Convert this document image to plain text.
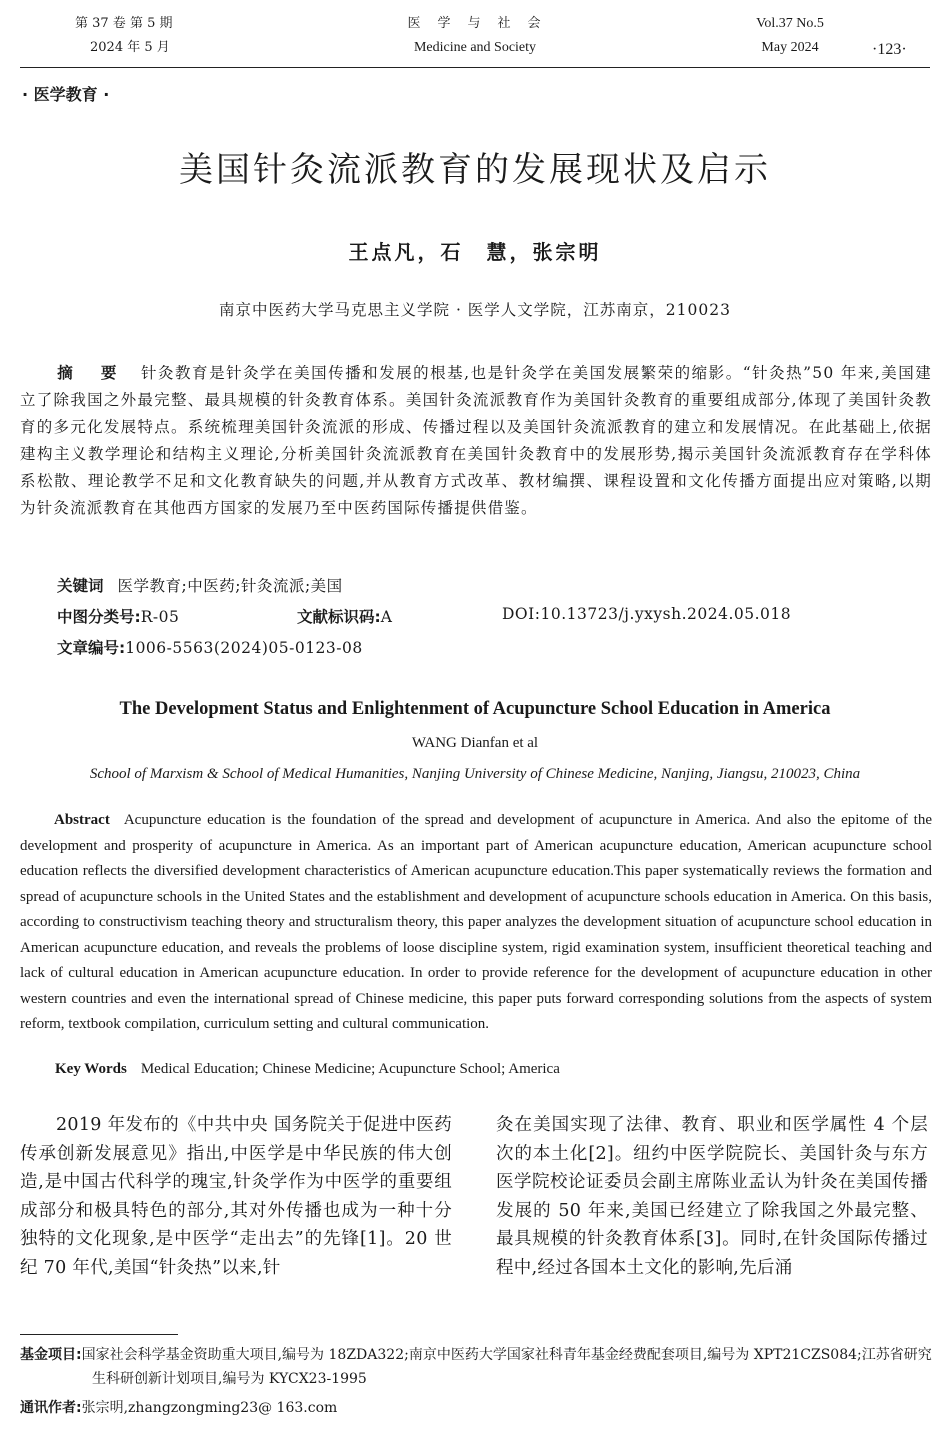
第 37 卷 第 5 期
2024 年 5 月
医　学　与　社　会
Medicine and Society
Vol.37 No.5
May 2024	·123·
· 医学教育 ·
美国针灸流派教育的发展现状及启示
王点凡，石　慧，张宗明
南京中医药大学马克思主义学院 · 医学人文学院，江苏南京，210023
摘　要 针灸教育是针灸学在美国传播和发展的根基,也是针灸学在美国发展繁荣的缩影。“针灸热”50 年来,美国建立了除我国之外最完整、最具规模的针灸教育体系。美国针灸流派教育作为美国针灸教育的重要组成部分,体现了美国针灸教育的多元化发展特点。系统梳理美国针灸流派的形成、传播过程以及美国针灸流派教育的建立和发展情况。在此基础上,依据建构主义教学理论和结构主义理论,分析美国针灸流派教育在美国针灸教育中的发展形势,揭示美国针灸流派教育存在学科体系松散、理论教学不足和文化教育缺失的问题,并从教育方式改革、教材编撰、课程设置和文化传播方面提出应对策略,以期为针灸流派教育在其他西方国家的发展乃至中医药国际传播提供借鉴。
关键词 医学教育;中医药;针灸流派;美国
中图分类号:R-05	文献标识码:A	DOI:10.13723/j.yxysh.2024.05.018
文章编号:1006-5563(2024)05-0123-08
The Development Status and Enlightenment of Acupuncture School Education in America
WANG Dianfan et al
School of Marxism & School of Medical Humanities, Nanjing University of Chinese Medicine, Nanjing, Jiangsu, 210023, China
Abstract Acupuncture education is the foundation of the spread and development of acupuncture in America. And also the epitome of the development and prosperity of acupuncture in America. As an important part of American acupuncture education, American acupuncture school education reflects the diversified development characteristics of American acupuncture education.This paper systematically reviews the formation and spread of acupuncture schools in the United States and the establishment and development of acupuncture schools education in America. On this basis, according to constructivism teaching theory and structuralism theory, this paper analyzes the development situation of acupuncture school education in American acupuncture education, and reveals the problems of loose discipline system, rigid examination system, insufficient theoretical teaching and lack of cultural education in American acupuncture education. In order to provide reference for the development of acupuncture education in other western countries and even the international spread of Chinese medicine, this paper puts forward corresponding solutions from the aspects of system reform, textbook compilation, curriculum setting and cultural communication.
Key Words Medical Education; Chinese Medicine; Acupuncture School; America
2019 年发布的《中共中央 国务院关于促进中医药传承创新发展意见》指出,中医学是中华民族的伟大创造,是中国古代科学的瑰宝,针灸学作为中医学的重要组成部分和极具特色的部分,其对外传播也成为一种十分独特的文化现象,是中医学“走出去”的先锋[1]。20 世纪 70 年代,美国“针灸热”以来,针
灸在美国实现了法律、教育、职业和医学属性 4 个层次的本土化[2]。纽约中医学院院长、美国针灸与东方医学院校论证委员会副主席陈业孟认为针灸在美国传播发展的 50 年来,美国已经建立了除我国之外最完整、最具规模的针灸教育体系[3]。同时,在针灸国际传播过程中,经过各国本土文化的影响,先后涌
基金项目:国家社会科学基金资助重大项目,编号为 18ZDA322;南京中医药大学国家社科青年基金经费配套项目,编号为 XPT21CZS084;江苏省研究生科研创新计划项目,编号为 KYCX23-1995
通讯作者:张宗明,zhangzongming23@ 163.com
